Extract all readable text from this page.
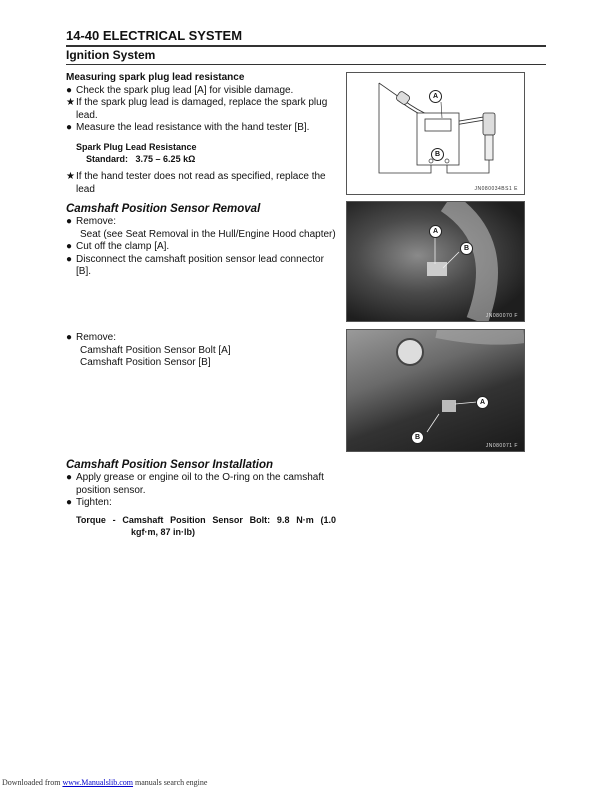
14-40 ELECTRICAL SYSTEM
Ignition System

Measuring spark plug lead resistance

● Check the spark plug lead [A] for visible damage.

★If the spark plug lead is damaged, replace the spark plug lead.

● Measure the lead resistance with the hand tester [B].

Spark Plug Lead Resistance

Standard: 3.75 – 6.25 kΩ

★If the hand tester does not read as specified, replace the lead

Camshaft Position Sensor Removal

● Remove:

Seat (see Seat Removal in the Hull/Engine Hood chapter)

● Cut off the clamp [A].

● Disconnect the camshaft position sensor lead connector [B].

● Remove:

Camshaft Position Sensor Bolt [A]

Camshaft Position Sensor [B]

Camshaft Position Sensor Installation

● Apply grease or engine oil to the O-ring on the camshaft position sensor.

● Tighten:

Torque - Camshaft Position Sensor Bolt: 9.8 N·m (1.0

kgf·m, 87 in·lb)

A
B
JN080034BS1 E
A
B
JN080070 F
A
B
JN080071 F
Downloaded from www.Manualslib.com manuals search engine
